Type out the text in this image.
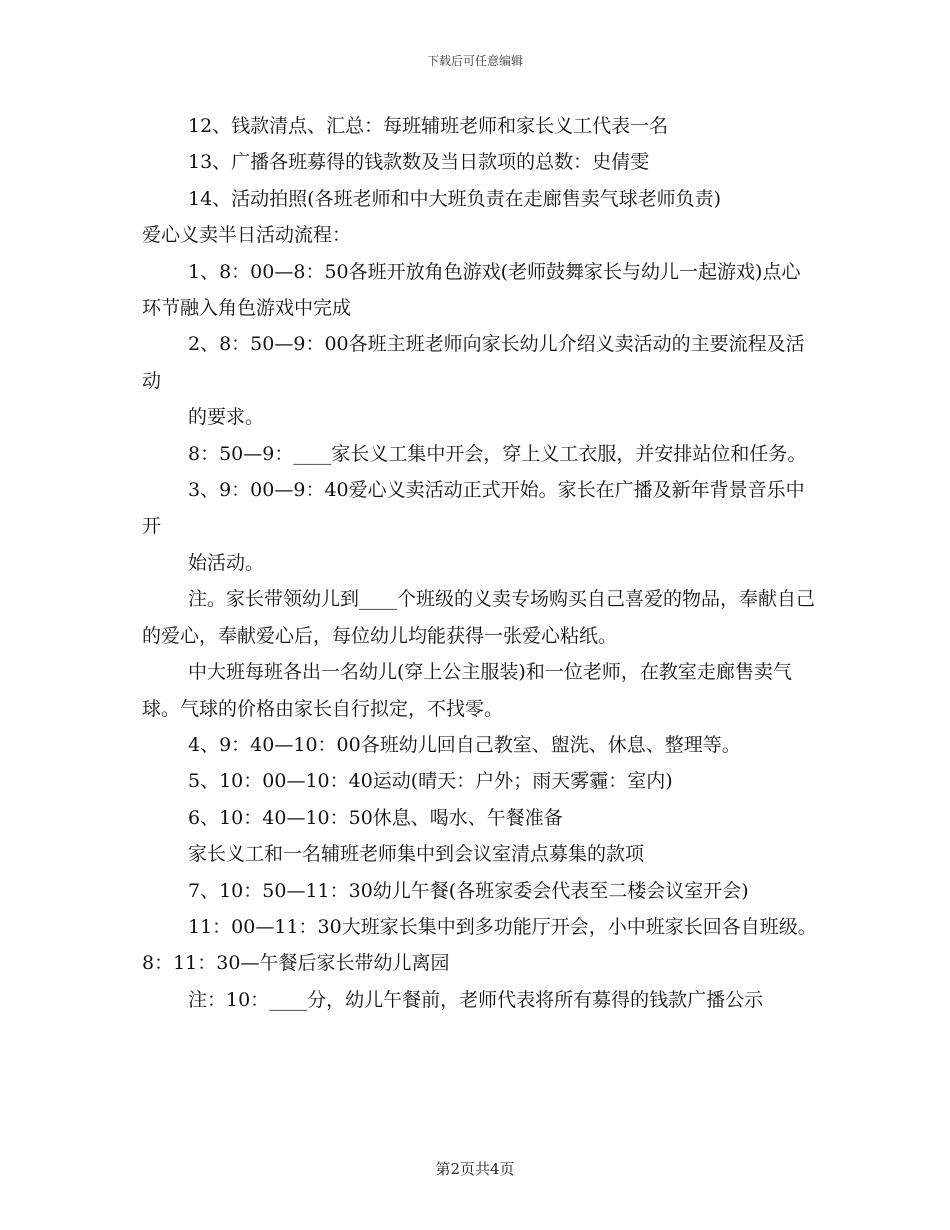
下载后可任意编辑

12、钱款清点、汇总：每班辅班老师和家长义工代表一名

13、广播各班募得的钱款数及当日款项的总数：史倩雯

14、活动拍照(各班老师和中大班负责在走廊售卖气球老师负责)

爱心义卖半日活动流程：

1、8：00—8：50各班开放角色游戏(老师鼓舞家长与幼儿一起游戏)点心环节融入角色游戏中完成

2、8：50—9：00各班主班老师向家长幼儿介绍义卖活动的主要流程及活动

的要求。

8：50—9：____家长义工集中开会，穿上义工衣服，并安排站位和任务。

3、9：00—9：40爱心义卖活动正式开始。家长在广播及新年背景音乐中开

始活动。

注。家长带领幼儿到____个班级的义卖专场购买自己喜爱的物品，奉献自己的爱心，奉献爱心后，每位幼儿均能获得一张爱心粘纸。

中大班每班各出一名幼儿(穿上公主服装)和一位老师，在教室走廊售卖气球。气球的价格由家长自行拟定，不找零。

4、9：40—10：00各班幼儿回自己教室、盥洗、休息、整理等。

5、10：00—10：40运动(晴天：户外；雨天雾霾：室内)

6、10：40—10：50休息、喝水、午餐准备

家长义工和一名辅班老师集中到会议室清点募集的款项

7、10：50—11：30幼儿午餐(各班家委会代表至二楼会议室开会)

11：00—11：30大班家长集中到多功能厅开会，小中班家长回各自班级。8：11：30—午餐后家长带幼儿离园

注：10：____分，幼儿午餐前，老师代表将所有募得的钱款广播公示

第2页共4页
